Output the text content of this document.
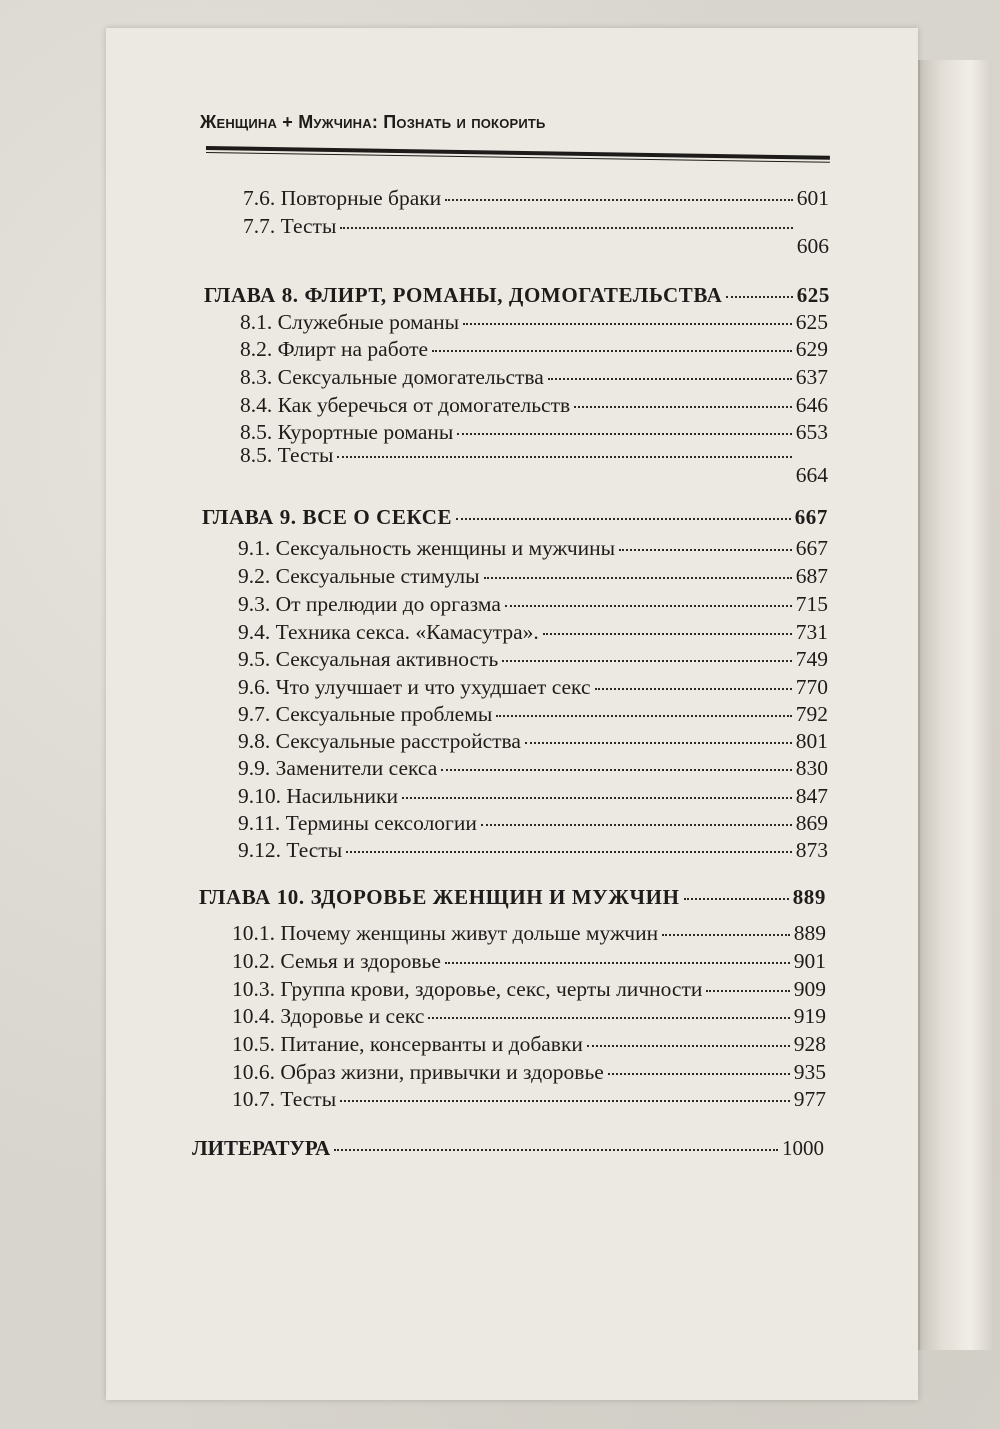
Женщина + Мужчина: Познать и покорить
7.6. Повторные браки	601
7.7. Тесты
606
ГЛАВА 8. ФЛИРТ, РОМАНЫ, ДОМОГАТЕЛЬСТВА	625
8.1. Служебные романы	625
8.2. Флирт на работе	629
8.3. Сексуальные домогательства	637
8.4. Как уберечься от домогательств	646
8.5. Курортные романы	653
8.5. Тесты
664
ГЛАВА 9. ВСЕ О СЕКСЕ	667
9.1. Сексуальность женщины и мужчины	667
9.2. Сексуальные стимулы	687
9.3. От прелюдии до оргазма	715
9.4. Техника секса. «Камасутра».	731
9.5. Сексуальная активность	749
9.6. Что улучшает и что ухудшает секс	770
9.7. Сексуальные проблемы	792
9.8. Сексуальные расстройства	801
9.9. Заменители секса	830
9.10. Насильники	847
9.11. Термины сексологии	869
9.12. Тесты	873
ГЛАВА 10. ЗДОРОВЬЕ ЖЕНЩИН И МУЖЧИН	889
10.1. Почему женщины живут дольше мужчин	889
10.2. Семья и здоровье	901
10.3. Группа крови, здоровье, секс, черты личности	909
10.4. Здоровье и секс	919
10.5. Питание, консерванты и добавки	928
10.6. Образ жизни, привычки и здоровье	935
10.7. Тесты	977
ЛИТЕРАТУРА	1000
